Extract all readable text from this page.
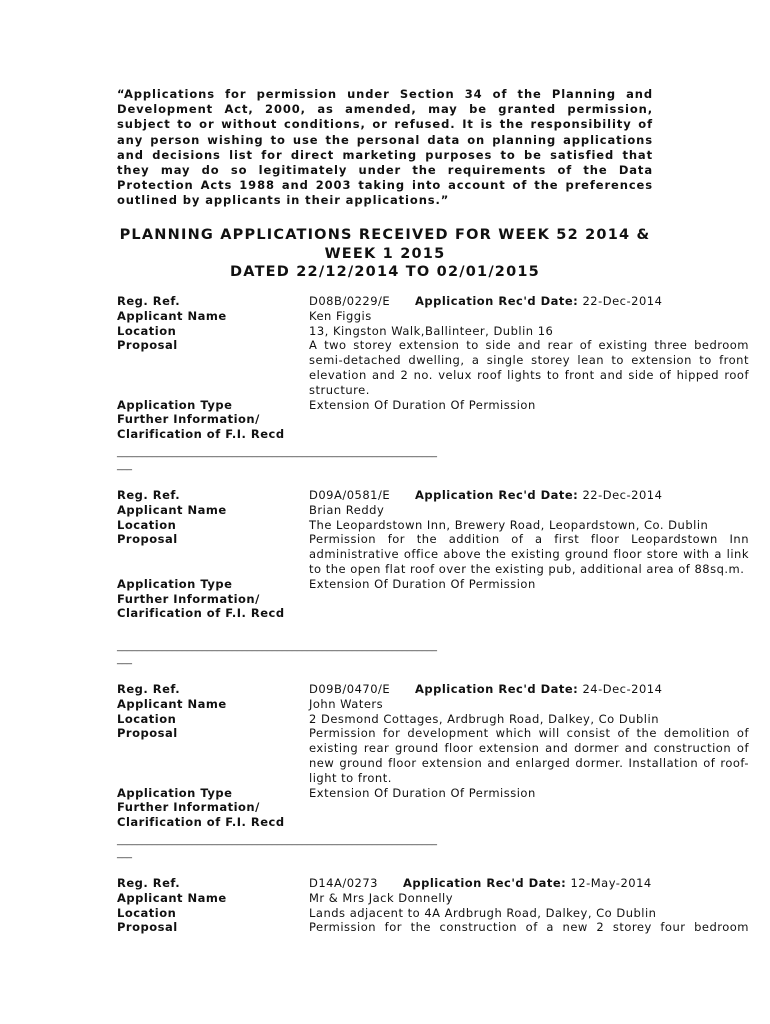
“Applications for permission under Section 34 of the Planning and Development Act, 2000, as amended, may be granted permission, subject to or without conditions, or refused. It is the responsibility of any person wishing to use the personal data on planning applications and decisions list for direct marketing purposes to be satisfied that they may do so legitimately under the requirements of the Data Protection Acts 1988 and 2003 taking into account of the preferences outlined by applicants in their applications.”
PLANNING APPLICATIONS RECEIVED FOR WEEK 52 2014 &
WEEK 1 2015
DATED 22/12/2014 TO 02/01/2015
Reg. Ref.	D08B/0229/E	Application Rec'd Date:
22-Dec-2014
Applicant Name	Ken Figgis
Location	13, Kingston Walk,Ballinteer, Dublin 16
Proposal	A two storey extension to side and rear of existing three bedroom semi-detached dwelling, a single storey lean to extension to front elevation and 2 no. velux roof lights to front and side of hipped roof structure.
Application Type	Extension Of Duration Of Permission
Further Information/
Clarification of F.I. Recd
________________________________________________________________
___
Reg. Ref.	D09A/0581/E	Application Rec'd Date:
22-Dec-2014
Applicant Name	Brian Reddy
Location	The Leopardstown Inn, Brewery Road, Leopardstown, Co. Dublin
Proposal	Permission for the addition of a first floor Leopardstown Inn administrative office above the existing ground floor store with a link to the open flat roof over the existing pub, additional area of 88sq.m.
Application Type	Extension Of Duration Of Permission
Further Information/
Clarification of F.I. Recd
________________________________________________________________
___
Reg. Ref.	D09B/0470/E	Application Rec'd Date:
24-Dec-2014
Applicant Name	John Waters
Location	2 Desmond Cottages, Ardbrugh Road, Dalkey, Co Dublin
Proposal	Permission for development which will consist of the demolition of existing rear ground floor extension and dormer and construction of new ground floor extension and enlarged dormer. Installation of roof-light to front.
Application Type	Extension Of Duration Of Permission
Further Information/
Clarification of F.I. Recd
________________________________________________________________
___
Reg. Ref.	D14A/0273	Application Rec'd Date:
12-May-2014
Applicant Name	Mr & Mrs Jack Donnelly
Location	Lands adjacent to 4A Ardbrugh Road, Dalkey, Co Dublin
Proposal	Permission for the construction of a new 2 storey four bedroom
